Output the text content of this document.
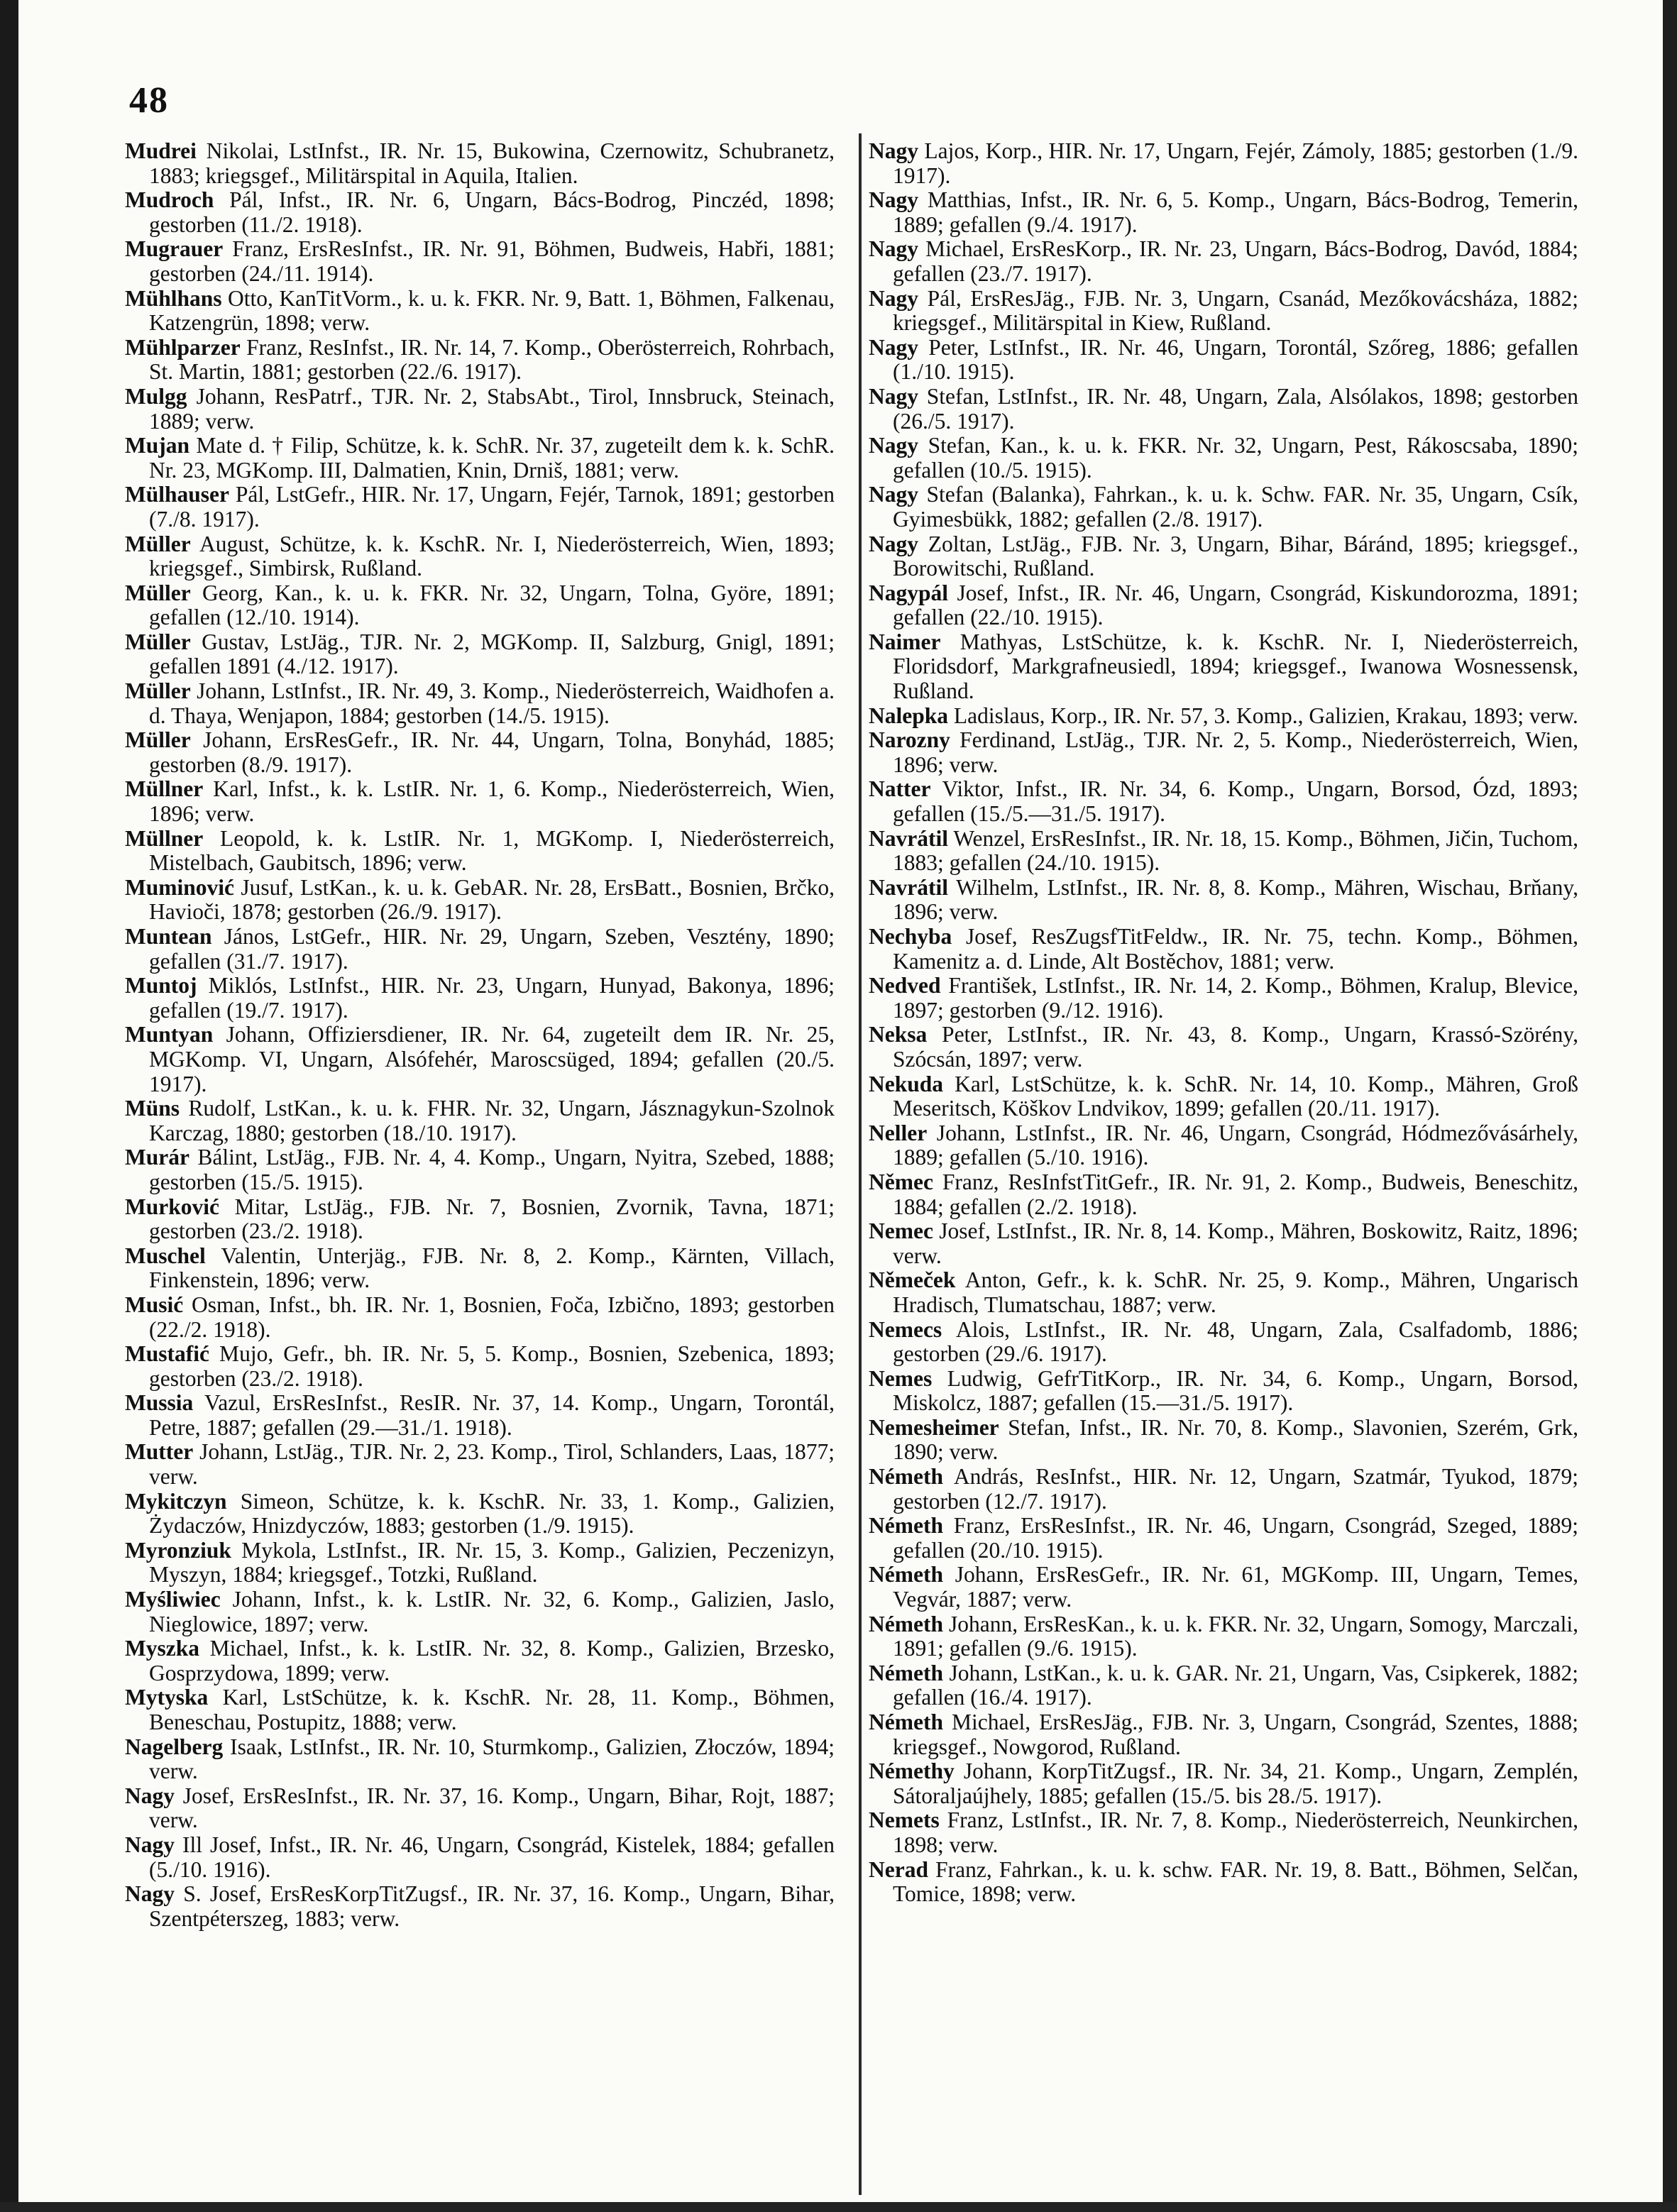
48

Mudrei Nikolai, LstInfst., IR. Nr. 15, Bukowina, Czernowitz, Schubranetz, 1883; kriegsgef., Militärspital in Aquila, Italien.

Mudroch Pál, Infst., IR. Nr. 6, Ungarn, Bács-Bodrog, Pinczéd, 1898; gestorben (11./2. 1918).

Mugrauer Franz, ErsResInfst., IR. Nr. 91, Böhmen, Budweis, Habři, 1881; gestorben (24./11. 1914).

Mühlhans Otto, KanTitVorm., k. u. k. FKR. Nr. 9, Batt. 1, Böhmen, Falkenau, Katzengrün, 1898; verw.

Mühlparzer Franz, ResInfst., IR. Nr. 14, 7. Komp., Oberösterreich, Rohrbach, St. Martin, 1881; gestorben (22./6. 1917).

Mulgg Johann, ResPatrf., TJR. Nr. 2, StabsAbt., Tirol, Innsbruck, Steinach, 1889; verw.

Mujan Mate d. † Filip, Schütze, k. k. SchR. Nr. 37, zugeteilt dem k. k. SchR. Nr. 23, MGKomp. III, Dalmatien, Knin, Drniš, 1881; verw.

Mülhauser Pál, LstGefr., HIR. Nr. 17, Ungarn, Fejér, Tarnok, 1891; gestorben (7./8. 1917).

Müller August, Schütze, k. k. KschR. Nr. I, Niederösterreich, Wien, 1893; kriegsgef., Simbirsk, Rußland.

Müller Georg, Kan., k. u. k. FKR. Nr. 32, Ungarn, Tolna, Györe, 1891; gefallen (12./10. 1914).

Müller Gustav, LstJäg., TJR. Nr. 2, MGKomp. II, Salzburg, Gnigl, 1891; gefallen 1891 (4./12. 1917).

Müller Johann, LstInfst., IR. Nr. 49, 3. Komp., Niederösterreich, Waidhofen a. d. Thaya, Wenjapon, 1884; gestorben (14./5. 1915).

Müller Johann, ErsResGefr., IR. Nr. 44, Ungarn, Tolna, Bonyhád, 1885; gestorben (8./9. 1917).

Müllner Karl, Infst., k. k. LstIR. Nr. 1, 6. Komp., Niederösterreich, Wien, 1896; verw.

Müllner Leopold, k. k. LstIR. Nr. 1, MGKomp. I, Niederösterreich, Mistelbach, Gaubitsch, 1896; verw.

Muminović Jusuf, LstKan., k. u. k. GebAR. Nr. 28, ErsBatt., Bosnien, Brčko, Havioči, 1878; gestorben (26./9. 1917).

Muntean János, LstGefr., HIR. Nr. 29, Ungarn, Szeben, Vesztény, 1890; gefallen (31./7. 1917).

Muntoj Miklós, LstInfst., HIR. Nr. 23, Ungarn, Hunyad, Bakonya, 1896; gefallen (19./7. 1917).

Muntyan Johann, Offiziersdiener, IR. Nr. 64, zugeteilt dem IR. Nr. 25, MGKomp. VI, Ungarn, Alsófehér, Maroscsüged, 1894; gefallen (20./5. 1917).

Müns Rudolf, LstKan., k. u. k. FHR. Nr. 32, Ungarn, Jásznagykun-Szolnok Karczag, 1880; gestorben (18./10. 1917).

Murár Bálint, LstJäg., FJB. Nr. 4, 4. Komp., Ungarn, Nyitra, Szebed, 1888; gestorben (15./5. 1915).

Murković Mitar, LstJäg., FJB. Nr. 7, Bosnien, Zvornik, Tavna, 1871; gestorben (23./2. 1918).

Muschel Valentin, Unterjäg., FJB. Nr. 8, 2. Komp., Kärnten, Villach, Finkenstein, 1896; verw.

Musić Osman, Infst., bh. IR. Nr. 1, Bosnien, Foča, Izbično, 1893; gestorben (22./2. 1918).

Mustafić Mujo, Gefr., bh. IR. Nr. 5, 5. Komp., Bosnien, Szebenica, 1893; gestorben (23./2. 1918).

Mussia Vazul, ErsResInfst., ResIR. Nr. 37, 14. Komp., Ungarn, Torontál, Petre, 1887; gefallen (29.—31./1. 1918).

Mutter Johann, LstJäg., TJR. Nr. 2, 23. Komp., Tirol, Schlanders, Laas, 1877; verw.

Mykitczyn Simeon, Schütze, k. k. KschR. Nr. 33, 1. Komp., Galizien, Żydaczów, Hnizdyczów, 1883; gestorben (1./9. 1915).

Myronziuk Mykola, LstInfst., IR. Nr. 15, 3. Komp., Galizien, Peczenizyn, Myszyn, 1884; kriegsgef., Totzki, Rußland.

Myśliwiec Johann, Infst., k. k. LstIR. Nr. 32, 6. Komp., Galizien, Jaslo, Nieglowice, 1897; verw.

Myszka Michael, Infst., k. k. LstIR. Nr. 32, 8. Komp., Galizien, Brzesko, Gosprzydowa, 1899; verw.

Mytyska Karl, LstSchütze, k. k. KschR. Nr. 28, 11. Komp., Böhmen, Beneschau, Postupitz, 1888; verw.

Nagelberg Isaak, LstInfst., IR. Nr. 10, Sturmkomp., Galizien, Złoczów, 1894; verw.

Nagy Josef, ErsResInfst., IR. Nr. 37, 16. Komp., Ungarn, Bihar, Rojt, 1887; verw.

Nagy Ill Josef, Infst., IR. Nr. 46, Ungarn, Csongrád, Kistelek, 1884; gefallen (5./10. 1916).

Nagy S. Josef, ErsResKorpTitZugsf., IR. Nr. 37, 16. Komp., Ungarn, Bihar, Szentpéterszeg, 1883; verw.

Nagy Lajos, Korp., HIR. Nr. 17, Ungarn, Fejér, Zámoly, 1885; gestorben (1./9. 1917).

Nagy Matthias, Infst., IR. Nr. 6, 5. Komp., Ungarn, Bács-Bodrog, Temerin, 1889; gefallen (9./4. 1917).

Nagy Michael, ErsResKorp., IR. Nr. 23, Ungarn, Bács-Bodrog, Davód, 1884; gefallen (23./7. 1917).

Nagy Pál, ErsResJäg., FJB. Nr. 3, Ungarn, Csanád, Mezőkovácsháza, 1882; kriegsgef., Militärspital in Kiew, Rußland.

Nagy Peter, LstInfst., IR. Nr. 46, Ungarn, Torontál, Szőreg, 1886; gefallen (1./10. 1915).

Nagy Stefan, LstInfst., IR. Nr. 48, Ungarn, Zala, Alsólakos, 1898; gestorben (26./5. 1917).

Nagy Stefan, Kan., k. u. k. FKR. Nr. 32, Ungarn, Pest, Rákoscsaba, 1890; gefallen (10./5. 1915).

Nagy Stefan (Balanka), Fahrkan., k. u. k. Schw. FAR. Nr. 35, Ungarn, Csík, Gyimesbükk, 1882; gefallen (2./8. 1917).

Nagy Zoltan, LstJäg., FJB. Nr. 3, Ungarn, Bihar, Báránd, 1895; kriegsgef., Borowitschi, Rußland.

Nagypál Josef, Infst., IR. Nr. 46, Ungarn, Csongrád, Kiskundorozma, 1891; gefallen (22./10. 1915).

Naimer Mathyas, LstSchütze, k. k. KschR. Nr. I, Niederösterreich, Floridsdorf, Markgrafneusiedl, 1894; kriegsgef., Iwanowa Wosnessensk, Rußland.

Nalepka Ladislaus, Korp., IR. Nr. 57, 3. Komp., Galizien, Krakau, 1893; verw.

Narozny Ferdinand, LstJäg., TJR. Nr. 2, 5. Komp., Niederösterreich, Wien, 1896; verw.

Natter Viktor, Infst., IR. Nr. 34, 6. Komp., Ungarn, Borsod, Ózd, 1893; gefallen (15./5.—31./5. 1917).

Navrátil Wenzel, ErsResInfst., IR. Nr. 18, 15. Komp., Böhmen, Jičin, Tuchom, 1883; gefallen (24./10. 1915).

Navrátil Wilhelm, LstInfst., IR. Nr. 8, 8. Komp., Mähren, Wischau, Brňany, 1896; verw.

Nechyba Josef, ResZugsfTitFeldw., IR. Nr. 75, techn. Komp., Böhmen, Kamenitz a. d. Linde, Alt Bostěchov, 1881; verw.

Nedved František, LstInfst., IR. Nr. 14, 2. Komp., Böhmen, Kralup, Blevice, 1897; gestorben (9./12. 1916).

Neksa Peter, LstInfst., IR. Nr. 43, 8. Komp., Ungarn, Krassó-Szörény, Szócsán, 1897; verw.

Nekuda Karl, LstSchütze, k. k. SchR. Nr. 14, 10. Komp., Mähren, Groß Meseritsch, Köškov Lndvikov, 1899; gefallen (20./11. 1917).

Neller Johann, LstInfst., IR. Nr. 46, Ungarn, Csongrád, Hódmezővásárhely, 1889; gefallen (5./10. 1916).

Němec Franz, ResInfstTitGefr., IR. Nr. 91, 2. Komp., Budweis, Beneschitz, 1884; gefallen (2./2. 1918).

Nemec Josef, LstInfst., IR. Nr. 8, 14. Komp., Mähren, Boskowitz, Raitz, 1896; verw.

Němeček Anton, Gefr., k. k. SchR. Nr. 25, 9. Komp., Mähren, Ungarisch Hradisch, Tlumatschau, 1887; verw.

Nemecs Alois, LstInfst., IR. Nr. 48, Ungarn, Zala, Csalfadomb, 1886; gestorben (29./6. 1917).

Nemes Ludwig, GefrTitKorp., IR. Nr. 34, 6. Komp., Ungarn, Borsod, Miskolcz, 1887; gefallen (15.—31./5. 1917).

Nemesheimer Stefan, Infst., IR. Nr. 70, 8. Komp., Slavonien, Szerém, Grk, 1890; verw.

Németh András, ResInfst., HIR. Nr. 12, Ungarn, Szatmár, Tyukod, 1879; gestorben (12./7. 1917).

Németh Franz, ErsResInfst., IR. Nr. 46, Ungarn, Csongrád, Szeged, 1889; gefallen (20./10. 1915).

Németh Johann, ErsResGefr., IR. Nr. 61, MGKomp. III, Ungarn, Temes, Vegvár, 1887; verw.

Németh Johann, ErsResKan., k. u. k. FKR. Nr. 32, Ungarn, Somogy, Marczali, 1891; gefallen (9./6. 1915).

Németh Johann, LstKan., k. u. k. GAR. Nr. 21, Ungarn, Vas, Csipkerek, 1882; gefallen (16./4. 1917).

Németh Michael, ErsResJäg., FJB. Nr. 3, Ungarn, Csongrád, Szentes, 1888; kriegsgef., Nowgorod, Rußland.

Némethy Johann, KorpTitZugsf., IR. Nr. 34, 21. Komp., Ungarn, Zemplén, Sátoraljaújhely, 1885; gefallen (15./5. bis 28./5. 1917).

Nemets Franz, LstInfst., IR. Nr. 7, 8. Komp., Niederösterreich, Neunkirchen, 1898; verw.

Nerad Franz, Fahrkan., k. u. k. schw. FAR. Nr. 19, 8. Batt., Böhmen, Selčan, Tomice, 1898; verw.
